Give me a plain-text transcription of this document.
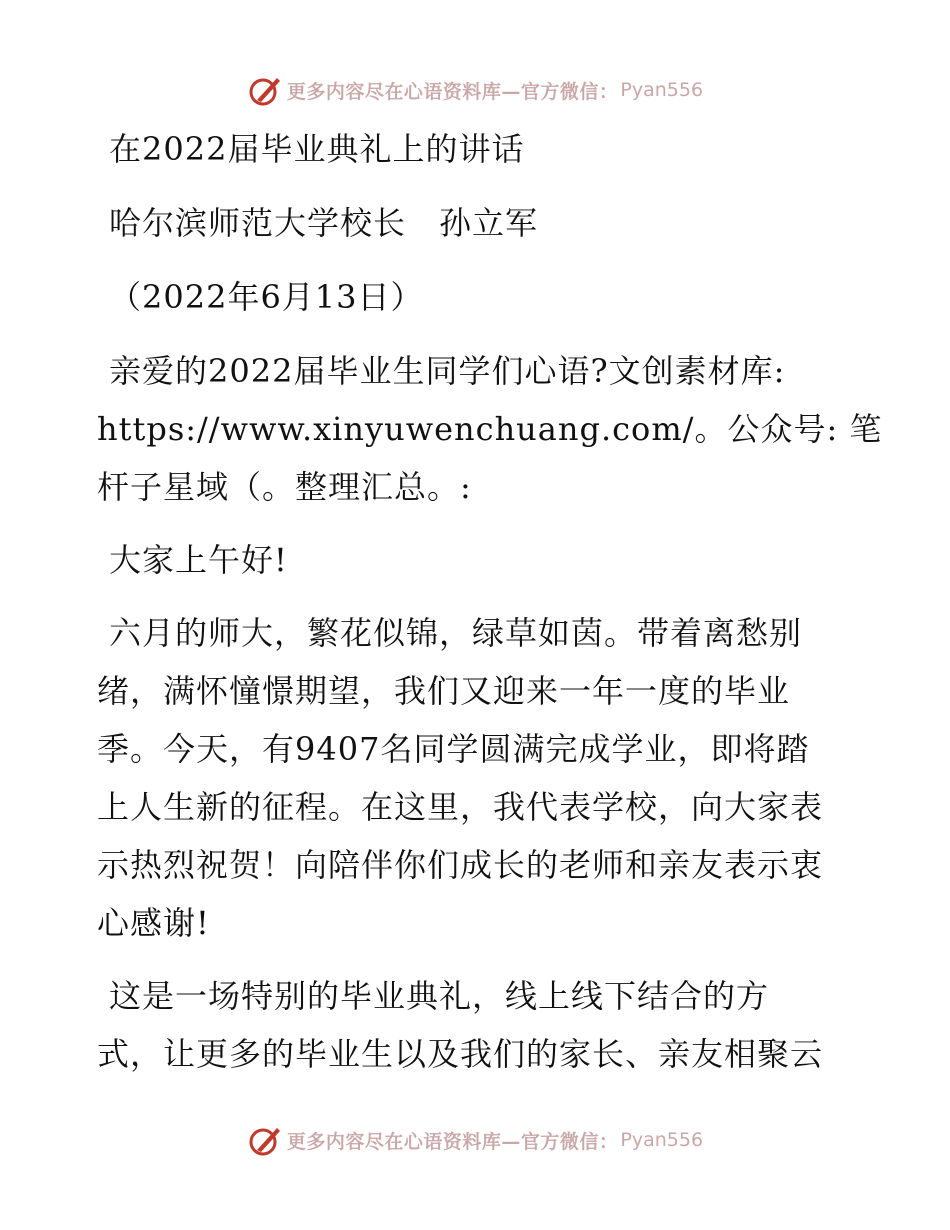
更多内容尽在心语资料库—官方微信： Pyan556
在2022届毕业典礼上的讲话
哈尔滨师范大学校长　孙立军
（2022年6月13日）
亲爱的2022届毕业生同学们心语?文创素材库:
https://www.xinyuwenchuang.com/。公众号: 笔
杆子星域（。整理汇总。:
大家上午好!
六月的师大，繁花似锦，绿草如茵。带着离愁别
绪，满怀憧憬期望，我们又迎来一年一度的毕业
季。今天，有9407名同学圆满完成学业，即将踏
上人生新的征程。在这里，我代表学校，向大家表
示热烈祝贺！向陪伴你们成长的老师和亲友表示衷
心感谢!
这是一场特别的毕业典礼，线上线下结合的方
式，让更多的毕业生以及我们的家长、亲友相聚云
更多内容尽在心语资料库—官方微信： Pyan556
